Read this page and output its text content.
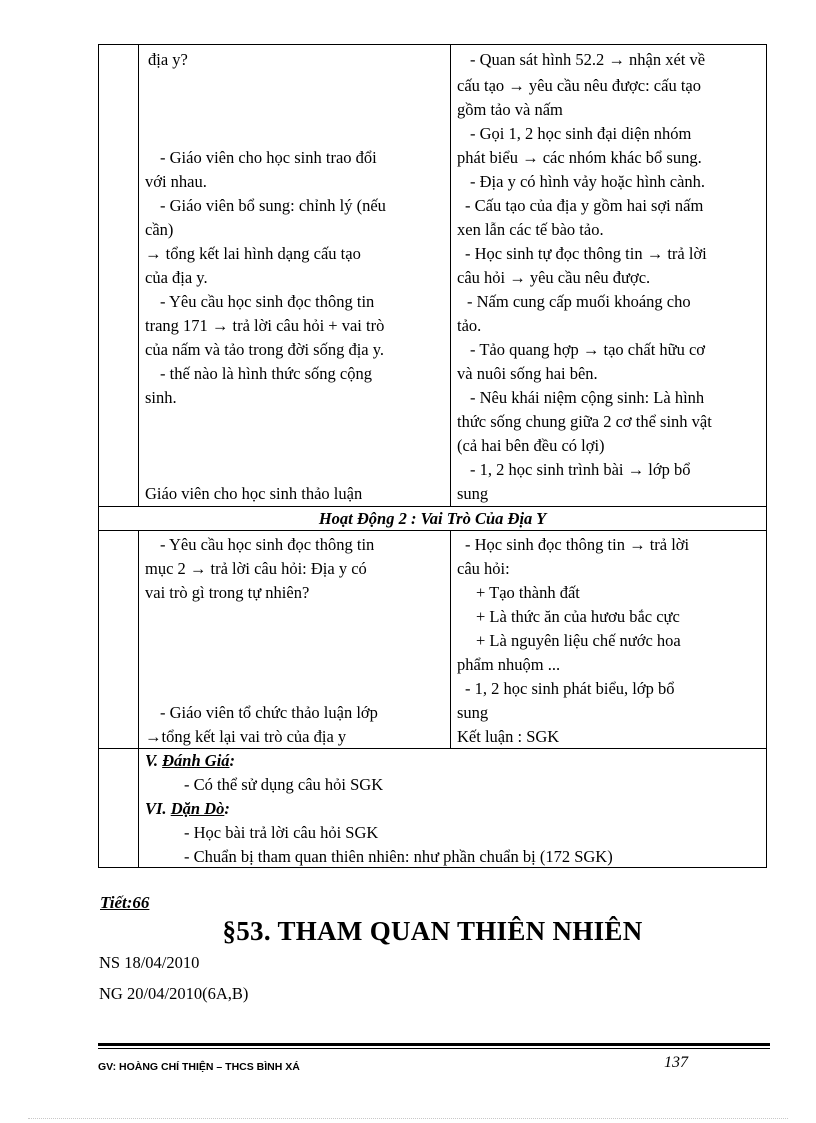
địa y?
- Giáo viên cho học sinh trao đổi
với nhau.
- Giáo viên bổ sung: chỉnh lý (nếu
cần)
→ tổng kết lai hình dạng cấu tạo
của địa y.
- Yêu cầu học sinh đọc thông tin
trang 171 → trả lời câu hỏi + vai trò
của nấm và tảo trong đời sống địa y.
- thế nào là hình thức sống cộng
sinh.
Giáo viên cho học sinh thảo luận
- Quan sát hình 52.2 → nhận xét về
cấu tạo → yêu cầu nêu được: cấu tạo
gồm tảo và nấm
- Gọi 1, 2 học sinh đại diện nhóm
phát biểu → các nhóm khác bổ sung.
- Địa y có hình vảy hoặc hình cành.
- Cấu tạo của địa y gồm hai sợi nấm
xen lẫn các tế bào tảo.
- Học sinh tự đọc thông tin → trả lời
câu hỏi → yêu cầu nêu được.
- Nấm cung cấp muối khoáng cho
tảo.
- Tảo quang hợp → tạo chất hữu cơ
và nuôi sống hai bên.
- Nêu khái niệm cộng sinh: Là hình
thức sống chung giữa 2 cơ thể sinh vật
(cả hai bên đều có lợi)
- 1, 2 học sinh trình bài → lớp bổ
sung
Hoạt Động 2 : Vai Trò Của Địa Y
- Yêu cầu học sinh đọc thông tin
mục 2 → trả lời câu hỏi: Địa y có
vai trò gì trong tự nhiên?
- Giáo viên tổ chức thảo luận lớp
→tổng kết lại vai trò của địa y
- Học sinh đọc thông tin → trả lời
câu hỏi:
+ Tạo thành đất
+ Là thức ăn của hươu bắc cực
+ Là nguyên liệu chế nước hoa
phẩm nhuộm ...
- 1, 2 học sinh phát biểu, lớp bổ
sung
Kết luận : SGK
V. Đánh Giá:
- Có thể sử dụng câu hỏi SGK
VI. Dặn Dò:
- Học bài trả lời câu hỏi SGK
- Chuẩn bị tham quan thiên nhiên: như phần chuẩn bị (172 SGK)
Tiết:66
§53. THAM QUAN THIÊN NHIÊN
NS 18/04/2010
NG 20/04/2010(6A,B)
GV: HOÀNG CHÍ THIỆN – THCS BÌNH XÁ	137
